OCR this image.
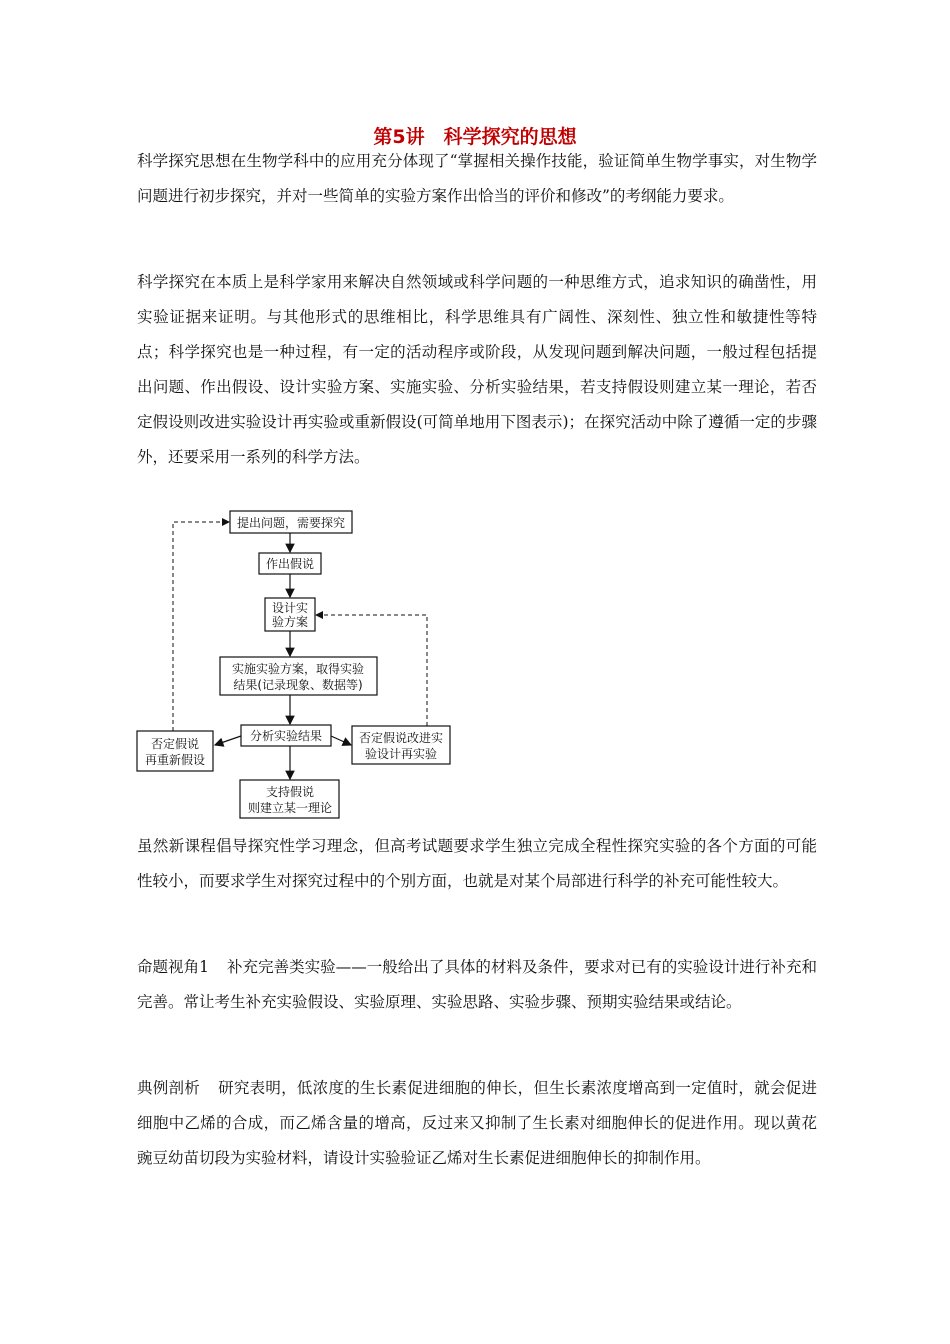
第5讲　科学探究的思想

科学探究思想在生物学科中的应用充分体现了“掌握相关操作技能，验证简单生物学事实，对生物学问题进行初步探究，并对一些简单的实验方案作出恰当的评价和修改”的考纲能力要求。

科学探究在本质上是科学家用来解决自然领域或科学问题的一种思维方式，追求知识的确凿性，用实验证据来证明。与其他形式的思维相比，科学思维具有广阔性、深刻性、独立性和敏捷性等特点；科学探究也是一种过程，有一定的活动程序或阶段，从发现问题到解决问题，一般过程包括提出问题、作出假设、设计实验方案、实施实验、分析实验结果，若支持假设则建立某一理论，若否定假设则改进实验设计再实验或重新假设(可简单地用下图表示)；在探究活动中除了遵循一定的步骤外，还要采用一系列的科学方法。

提出问题，需要探究
作出假说
设计实
验方案
实施实验方案，取得实验
结果(记录现象、数据等)
分析实验结果
否定假说
再重新假设
否定假说改进实
验设计再实验
支持假说
则建立某一理论

虽然新课程倡导探究性学习理念，但高考试题要求学生独立完成全程性探究实验的各个方面的可能性较小，而要求学生对探究过程中的个别方面，也就是对某个局部进行科学的补充可能性较大。

命题视角1 补充完善类实验——一般给出了具体的材料及条件，要求对已有的实验设计进行补充和完善。常让考生补充实验假设、实验原理、实验思路、实验步骤、预期实验结果或结论。

典例剖析 研究表明，低浓度的生长素促进细胞的伸长，但生长素浓度增高到一定值时，就会促进细胞中乙烯的合成，而乙烯含量的增高，反过来又抑制了生长素对细胞伸长的促进作用。现以黄花豌豆幼苗切段为实验材料，请设计实验验证乙烯对生长素促进细胞伸长的抑制作用。
